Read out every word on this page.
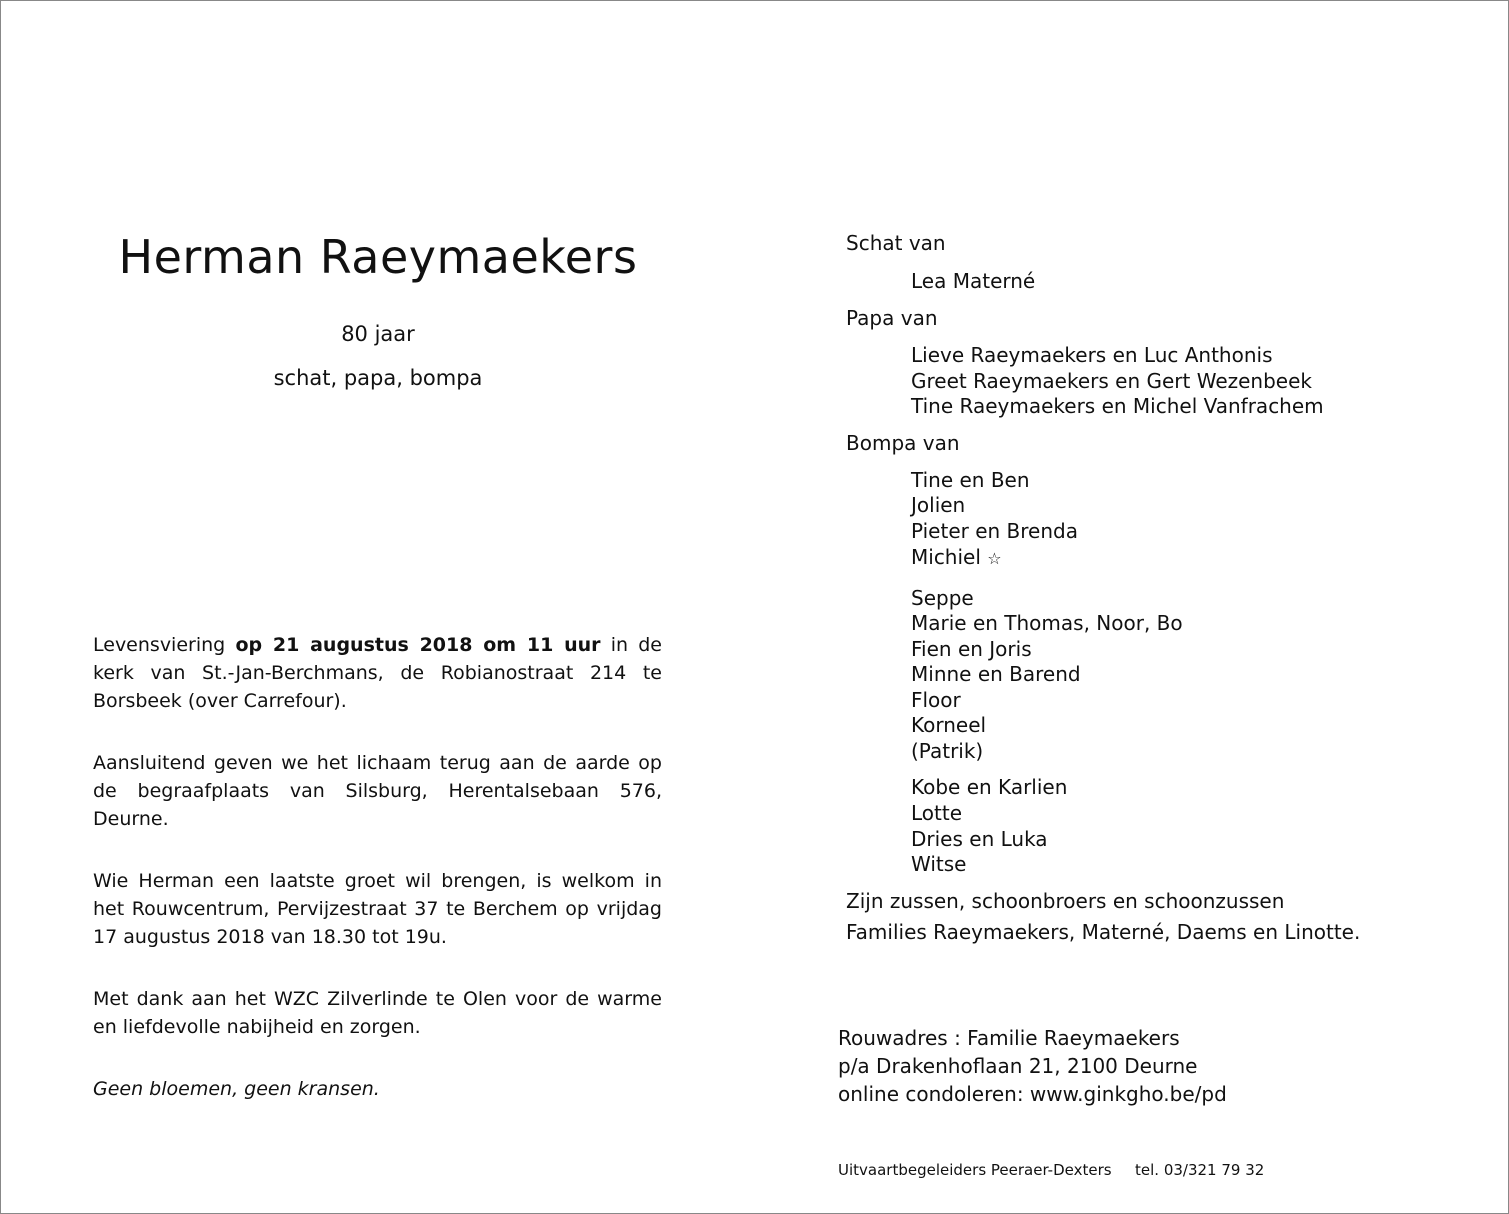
Herman Raeymaekers
80 jaar
schat, papa, bompa
Levensviering op 21 augustus 2018 om 11 uur in de kerk van St.-Jan-Berchmans, de Robianostraat 214 te Borsbeek (over Carrefour).
Aansluitend geven we het lichaam terug aan de aarde op de begraafplaats van Silsburg, Herentalsebaan 576, Deurne.
Wie Herman een laatste groet wil brengen, is welkom in het Rouwcentrum, Pervijzestraat 37 te Berchem op vrijdag 17 augustus 2018 van 18.30 tot 19u.
Met dank aan het WZC Zilverlinde te Olen voor de warme en liefdevolle nabijheid en zorgen.
Geen bloemen, geen kransen.
Schat van
Lea Materné
Papa van
Lieve Raeymaekers en Luc Anthonis
Greet Raeymaekers en Gert Wezenbeek
Tine Raeymaekers en Michel Vanfrachem
Bompa van
Tine en Ben
Jolien
Pieter en Brenda
Michiel ☆
Seppe
Marie en Thomas, Noor, Bo
Fien en Joris
Minne en Barend
Floor
Korneel
(Patrik)
Kobe en Karlien
Lotte
Dries en Luka
Witse
Zijn zussen, schoonbroers en schoonzussen
Families Raeymaekers, Materné, Daems en Linotte.
Rouwadres : Familie Raeymaekers
p/a Drakenhoflaan 21, 2100 Deurne
online condoleren: www.ginkgho.be/pd
Uitvaartbegeleiders Peeraer-Dexters tel. 03/321 79 32
